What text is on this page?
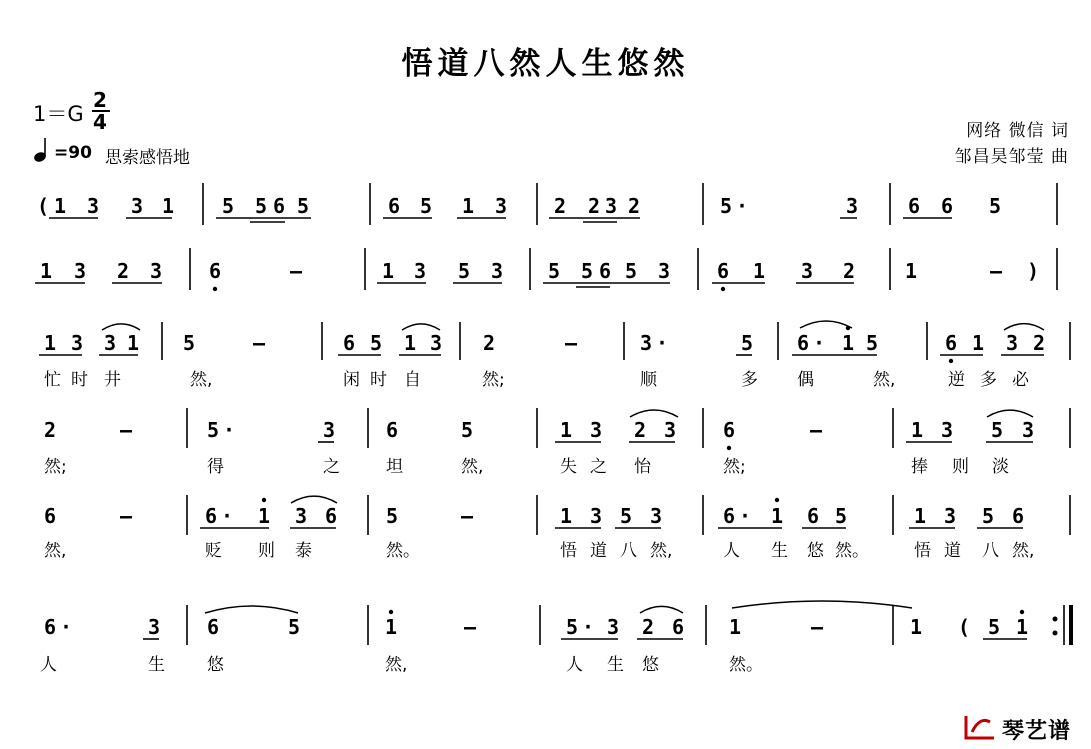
悟道八然人生悠然
1＝G
2
4
( 1 3 3 1 5 5 6 5	6 5 1 3 2 2 3 2	5 ·	3 6 6 5
1 3 2 3 6	–	1 3 5 3 5 5 6 5 3 6 1 3 2 1	– )
1 3 3 1 5	–	6 5 1 3 2	–	3 ·	5 6 · 1 5	6 1 3 2
忙 时 井	然,	闲 时 自	然;	顺	多 偶	然,	逆 多 必
2	–	5 ·	3	6	5	1 3 2 3 6	–	1 3 5 3
然;	得	之	坦	然,	失 之 怡	然;	捧 则 淡
6	–	6 · 1 3 6 5	–	1 3 5 3	6 · 1 6 5	1 3 5 6
然,	贬 则 泰	然。	悟 道 八 然,	人 生 悠 然。	悟 道 八 然,
6 ·	3 6	5	1	–	5 · 3 2 6 1	–	1 ( 5 1
人	生 悠	然,	人 生 悠	然。
=90 思索感悟地
网络 微信 词
邹昌昊邹莹 曲
琴艺谱
